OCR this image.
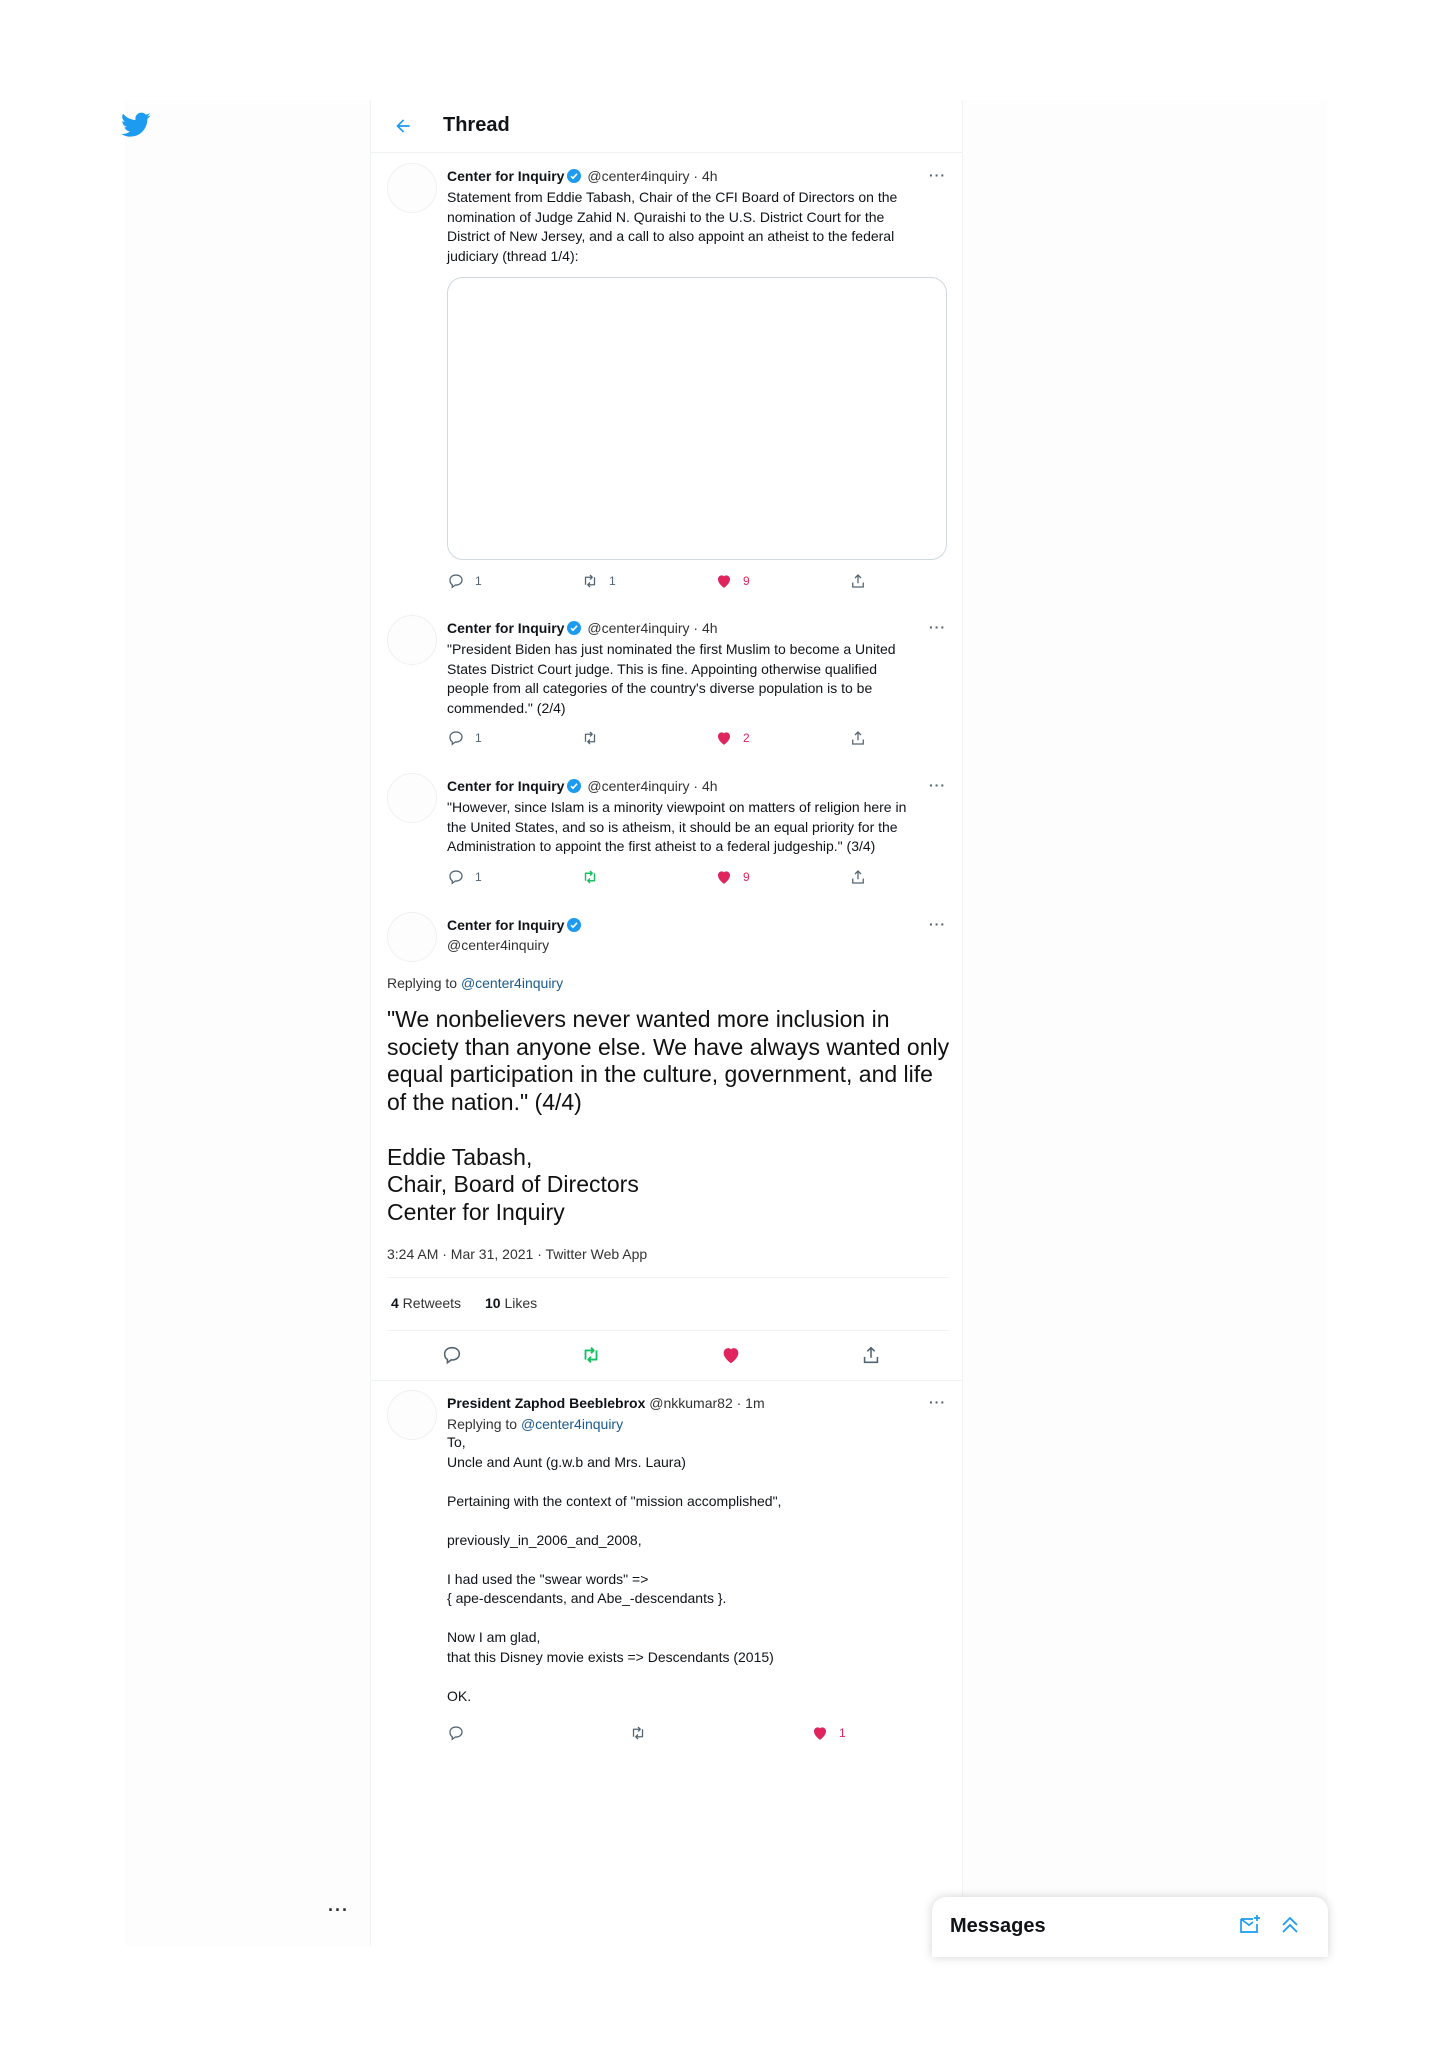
···
Thread
Center for Inquiry @center4inquiry · 4h
Statement from Eddie Tabash, Chair of the CFI Board of Directors on the
nomination of Judge Zahid N. Quraishi to the U.S. District Court for the
District of New Jersey, and a call to also appoint an atheist to the federal
judiciary (thread 1/4):
···
1	1	9
Center for Inquiry @center4inquiry · 4h
"President Biden has just nominated the first Muslim to become a United
States District Court judge. This is fine. Appointing otherwise qualified
people from all categories of the country's diverse population is to be
commended." (2/4)
···
1	2
Center for Inquiry @center4inquiry · 4h
"However, since Islam is a minority viewpoint on matters of religion here in
the United States, and so is atheism, it should be an equal priority for the
Administration to appoint the first atheist to a federal judgeship." (3/4)
···
1	9
Center for Inquiry
@center4inquiry
···
Replying to @center4inquiry
"We nonbelievers never wanted more inclusion in
society than anyone else. We have always wanted only
equal participation in the culture, government, and life
of the nation." (4/4)

Eddie Tabash,
Chair, Board of Directors
Center for Inquiry
3:24 AM · Mar 31, 2021 · Twitter Web App
4 Retweets 10 Likes
President Zaphod Beeblebrox @nkkumar82 · 1m
Replying to @center4inquiry
To,
Uncle and Aunt (g.w.b and Mrs. Laura)

Pertaining with the context of "mission accomplished",

previously_in_2006_and_2008,

I had used the "swear words" =>
{ ape-descendants, and Abe_-descendants }.

Now I am glad,
that this Disney movie exists => Descendants (2015)

OK.
···
1
Messages
